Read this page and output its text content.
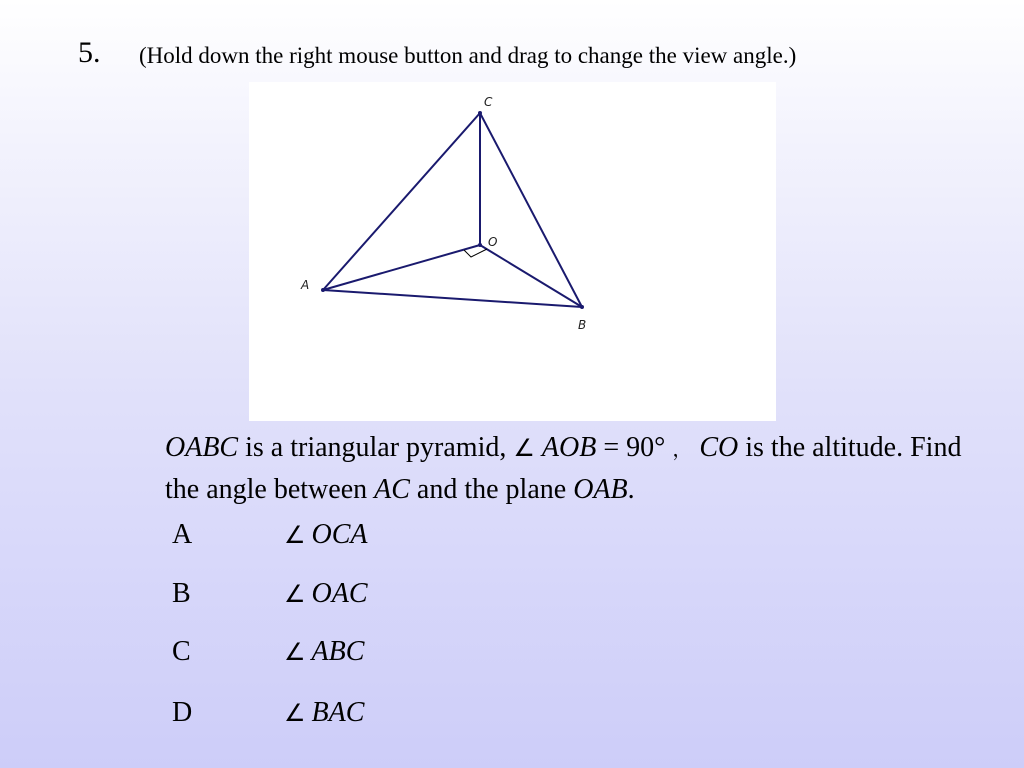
5. (Hold down the right mouse button and drag to change the view angle.)
C
O
A
B
OABC is a triangular pyramid, ∠ AOB = 90° ， CO is the altitude. Find the angle between AC and the plane OAB.
A	∠ OCA
B	∠ OAC
C	∠ ABC
D	∠ BAC
